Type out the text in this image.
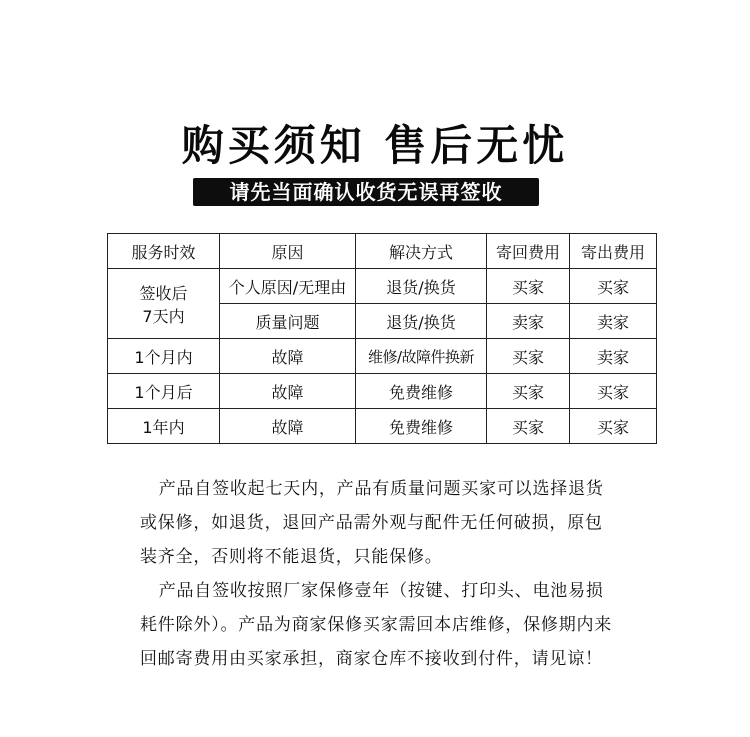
购买须知 售后无忧
请先当面确认收货无误再签收
服务时效	原因	解决方式	寄回费用	寄出费用

签收后
7天内	个人原因/无理由	退货/换货	买家	买家
	质量问题	退货/换货	卖家	卖家
1个月内	故障	维修/故障件换新	买家	卖家
1个月后	故障	免费维修	买家	买家
1年内	故障	免费维修	买家	买家

产品自签收起七天内，产品有质量问题买家可以选择退货或保修，如退货，退回产品需外观与配件无任何破损，原包装齐全，否则将不能退货，只能保修。

产品自签收按照厂家保修壹年（按键、打印头、电池易损耗件除外）。产品为商家保修买家需回本店维修，保修期内来回邮寄费用由买家承担，商家仓库不接收到付件，请见谅！
